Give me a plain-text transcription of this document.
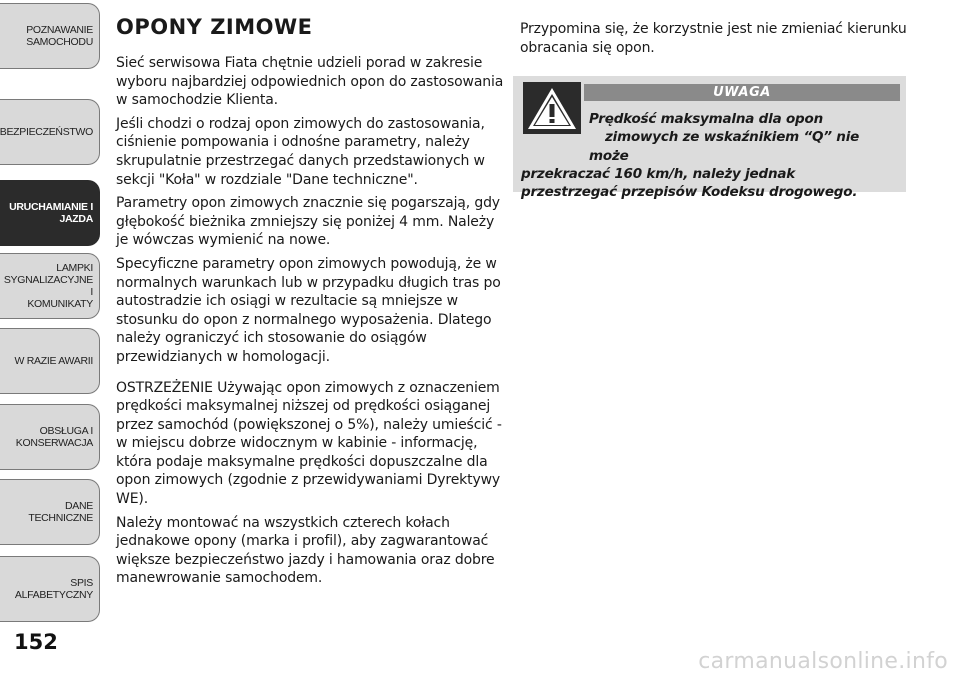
POZNAWANIE
SAMOCHODU
BEZPIECZEŃSTWO
URUCHAMIANIE I
JAZDA
LAMPKI
SYGNALIZACYJNE I
KOMUNIKATY
W RAZIE AWARII
OBSŁUGA I
KONSERWACJA
DANE TECHNICZNE
SPIS ALFABETYCZNY
152
OPONY ZIMOWE

Sieć serwisowa Fiata chętnie udzieli porad w zakresie wyboru najbardziej odpowiednich opon do zastosowania w samochodzie Klienta.

Jeśli chodzi o rodzaj opon zimowych do zastosowania, ciśnienie pompowania i odnośne parametry, należy skrupulatnie przestrzegać danych przedstawionych w sekcji "Koła" w rozdziale "Dane techniczne".

Parametry opon zimowych znacznie się pogarszają, gdy głębokość bieżnika zmniejszy się poniżej 4 mm. Należy je wówczas wymienić na nowe.

Specyficzne parametry opon zimowych powodują, że w normalnych warunkach lub w przypadku długich tras po autostradzie ich osiągi w rezultacie są mniejsze w stosunku do opon z normalnego wyposażenia. Dlatego należy ograniczyć ich stosowanie do osiągów przewidzianych w homologacji.

OSTRZEŻENIE Używając opon zimowych z oznaczeniem prędkości maksymalnej niższej od prędkości osiąganej przez samochód (powiększonej o 5%), należy umieścić - w miejscu dobrze widocznym w kabinie - informację, która podaje maksymalne prędkości dopuszczalne dla opon zimowych (zgodnie z przewidywaniami Dyrektywy WE).

Należy montować na wszystkich czterech kołach jednakowe opony (marka i profil), aby zagwarantować większe bezpieczeństwo jazdy i hamowania oraz dobre manewrowanie samochodem.

Przypomina się, że korzystnie jest nie zmieniać kierunku obracania się opon.

UWAGA
Prędkość maksymalna dla opon
zimowych ze wskaźnikiem “Q” nie może
przekraczać 160 km/h, należy jednak
przestrzegać przepisów Kodeksu drogowego.
carmanualsonline.info
